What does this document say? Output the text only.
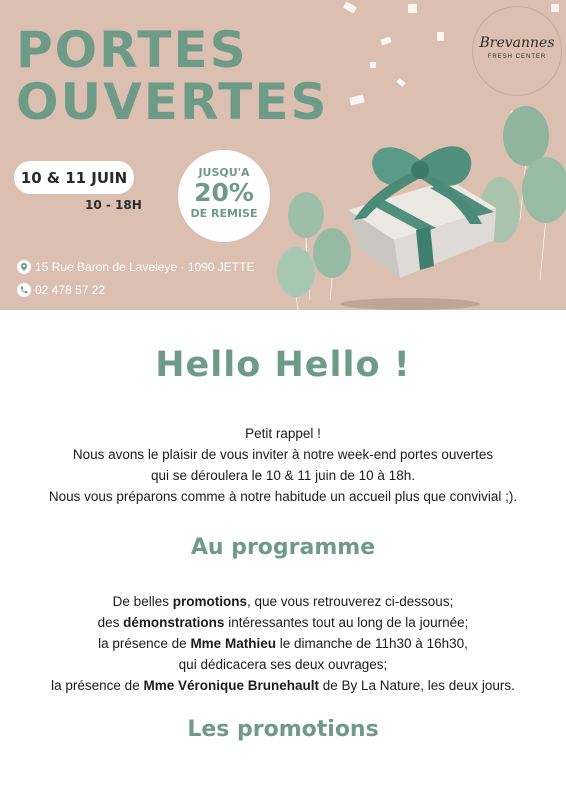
PORTES
OUVERTES
10 & 11 JUIN
10 - 18H
JUSQU'A
20%
DE REMISE
15 Rue Baron de Laveleye · 1090 JETTE
02 478 57 22
Brevannes
FRESH CENTER
Hello Hello !
Petit rappel !
Nous avons le plaisir de vous inviter à notre week-end portes ouvertes
qui se déroulera le 10 & 11 juin de 10 à 18h.
Nous vous préparons comme à notre habitude un accueil plus que convivial ;).
Au programme
De belles promotions, que vous retrouverez ci-dessous;
des démonstrations intéressantes tout au long de la journée;
la présence de Mme Mathieu le dimanche de 11h30 à 16h30,
qui dédicacera ses deux ouvrages;
la présence de Mme Véronique Brunehault de By La Nature, les deux jours.
Les promotions
